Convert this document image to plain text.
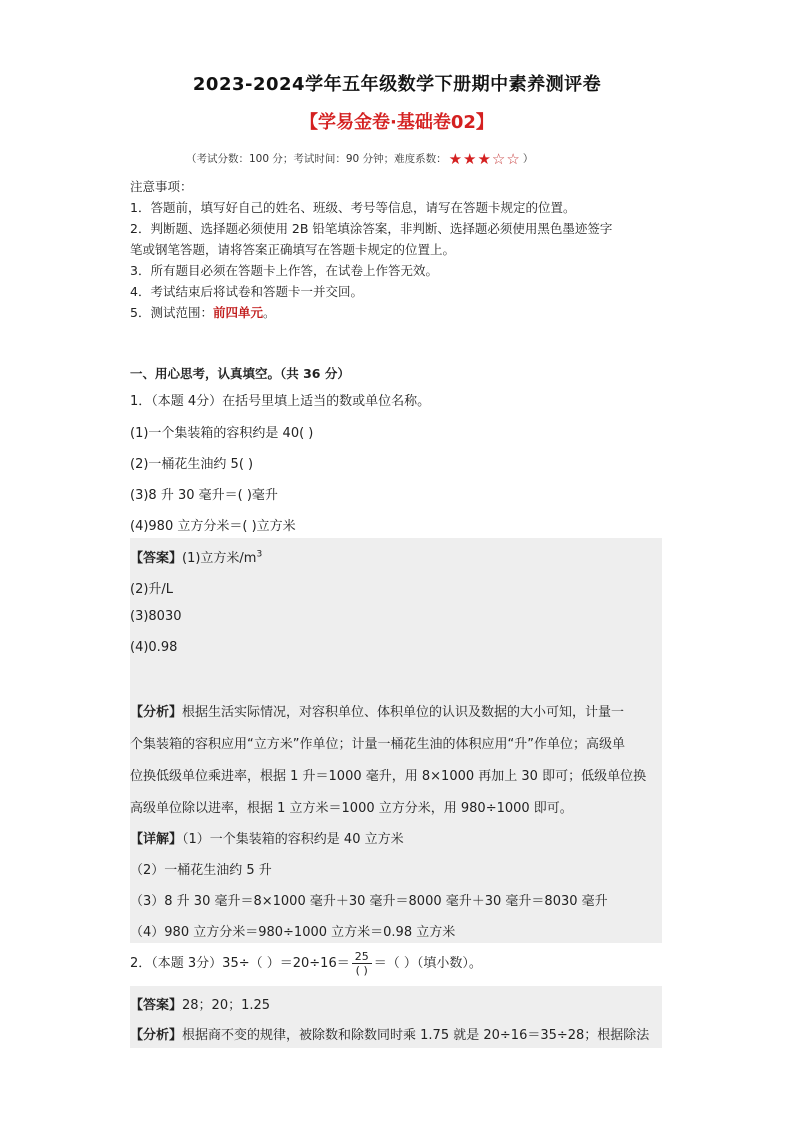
2023-2024学年五年级数学下册期中素养测评卷
【学易金卷·基础卷02】
（考试分数：100 分；考试时间：90 分钟；难度系数： ★★★☆☆ ）
注意事项：
1．答题前，填写好自己的姓名、班级、考号等信息，请写在答题卡规定的位置。
2．判断题、选择题必须使用 2B 铅笔填涂答案，非判断、选择题必须使用黑色墨迹签字
笔或钢笔答题，请将答案正确填写在答题卡规定的位置上。
3．所有题目必须在答题卡上作答，在试卷上作答无效。
4．考试结束后将试卷和答题卡一并交回。
5．测试范围：前四单元。
一、用心思考，认真填空。（共 36 分）
1．（本题 4分）在括号里填上适当的数或单位名称。
(1)一个集装箱的容积约是 40( )
(2)一桶花生油约 5( )
(3)8 升 30 毫升＝( )毫升
(4)980 立方分米＝( )立方米
【答案】(1)立方米$/m^3$
(2)升/L
(3)8030
(4)0.98
【分析】根据生活实际情况，对容积单位、体积单位的认识及数据的大小可知，计量一
个集装箱的容积应用“立方米”作单位；计量一桶花生油的体积应用“升”作单位；高级单
位换低级单位乘进率，根据 1 升＝1000 毫升，用 8×1000 再加上 30 即可；低级单位换
高级单位除以进率，根据 1 立方米＝1000 立方分米，用 980÷1000 即可。
【详解】（1）一个集装箱的容积约是 40 立方米
（2）一桶花生油约 5 升
（3）8 升 30 毫升＝8×1000 毫升＋30 毫升＝8000 毫升＋30 毫升＝8030 毫升
（4）980 立方分米＝980÷1000 立方米＝0.98 立方米
2．（本题 3分）35÷（ ）$=20\div 16= \frac{25}{( )}$ ＝（ ）（填小数）。
【答案】28；20；1.25
【分析】根据商不变的规律，被除数和除数同时乘 1.75 就是 20÷16＝35÷28；根据除法
